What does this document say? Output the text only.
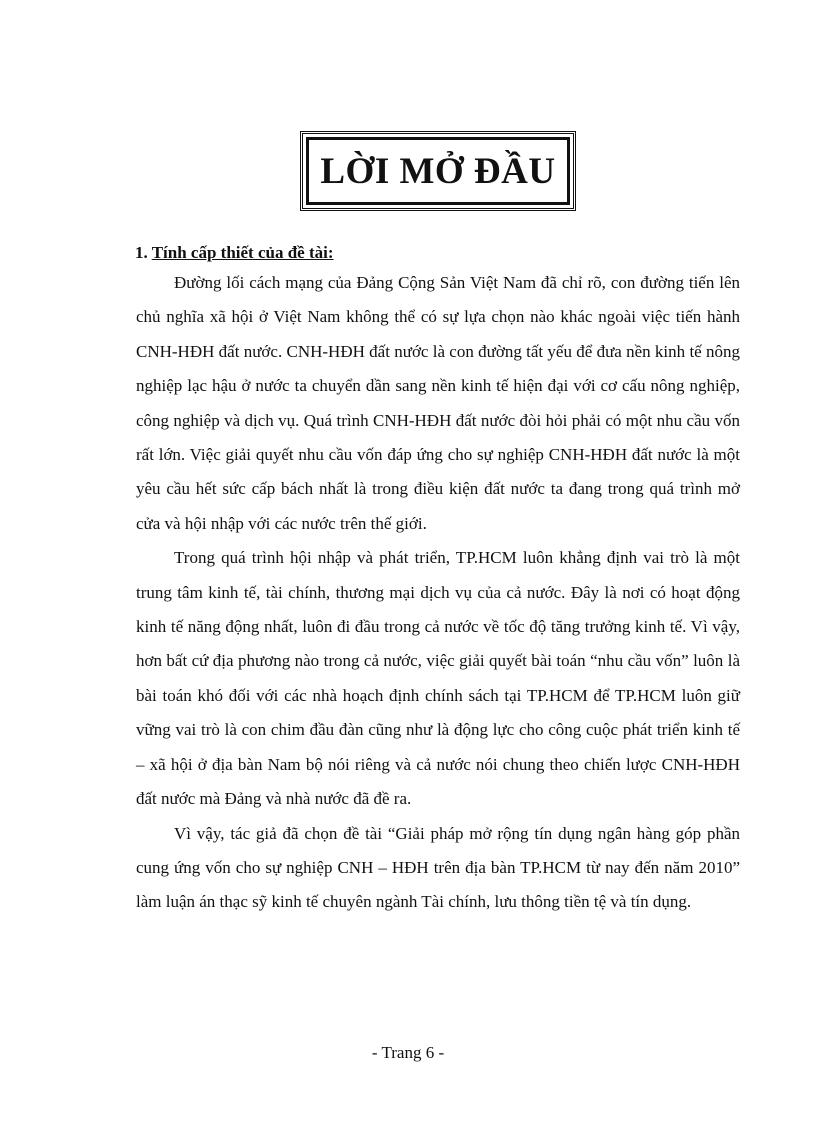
LỜI MỞ ĐẦU
1. Tính cấp thiết của đề tài:

Đường lối cách mạng của Đảng Cộng Sản Việt Nam đã chỉ rõ, con đường tiến lên chủ nghĩa xã hội ở Việt Nam không thể có sự lựa chọn nào khác ngoài việc tiến hành CNH-HĐH đất nước. CNH-HĐH đất nước là con đường tất yếu để đưa nền kinh tế nông nghiệp lạc hậu ở nước ta chuyển dần sang nền kinh tế hiện đại với cơ cấu nông nghiệp, công nghiệp và dịch vụ. Quá trình CNH-HĐH đất nước đòi hỏi phải có một nhu cầu vốn rất lớn. Việc giải quyết nhu cầu vốn đáp ứng cho sự nghiệp CNH-HĐH đất nước là một yêu cầu hết sức cấp bách nhất là trong điều kiện đất nước ta đang trong quá trình mở cửa và hội nhập với các nước trên thế giới.

Trong quá trình hội nhập và phát triển, TP.HCM luôn khẳng định vai trò là một trung tâm kinh tế, tài chính, thương mại dịch vụ của cả nước. Đây là nơi có hoạt động kinh tế năng động nhất, luôn đi đầu trong cả nước về tốc độ tăng trưởng kinh tế. Vì vậy, hơn bất cứ địa phương nào trong cả nước, việc giải quyết bài toán “nhu cầu vốn” luôn là bài toán khó đối với các nhà hoạch định chính sách tại TP.HCM để TP.HCM luôn giữ vững vai trò là con chim đầu đàn cũng như là động lực cho công cuộc phát triển kinh tế – xã hội ở địa bàn Nam bộ nói riêng và cả nước nói chung theo chiến lược CNH-HĐH đất nước mà Đảng và nhà nước đã đề ra.

Vì vậy, tác giả đã chọn đề tài “Giải pháp mở rộng tín dụng ngân hàng góp phần cung ứng vốn cho sự nghiệp CNH – HĐH trên địa bàn TP.HCM từ nay đến năm 2010” làm luận án thạc sỹ kinh tế chuyên ngành Tài chính, lưu thông tiền tệ và tín dụng.

- Trang 6 -
